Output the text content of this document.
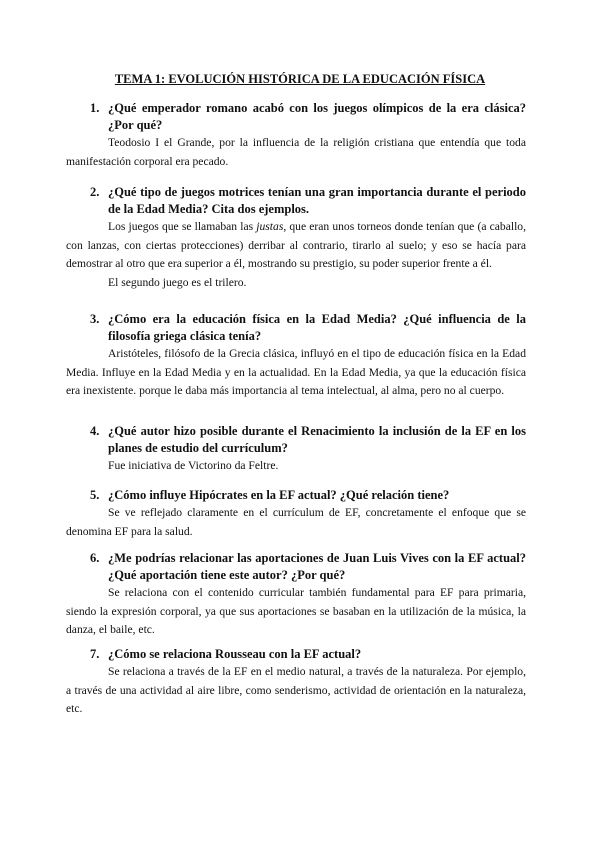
TEMA 1: EVOLUCIÓN HISTÓRICA DE LA EDUCACIÓN FÍSICA
1. ¿Qué emperador romano acabó con los juegos olímpicos de la era clásica? ¿Por qué?

Teodosio I el Grande, por la influencia de la religión cristiana que entendía que toda manifestación corporal era pecado.

2. ¿Qué tipo de juegos motrices tenían una gran importancia durante el periodo de la Edad Media? Cita dos ejemplos.

Los juegos que se llamaban las justas, que eran unos torneos donde tenían que (a caballo, con lanzas, con ciertas protecciones) derribar al contrario, tirarlo al suelo; y eso se hacía para demostrar al otro que era superior a él, mostrando su prestigio, su poder superior frente a él.

El segundo juego es el trilero.

3. ¿Cómo era la educación física en la Edad Media? ¿Qué influencia de la filosofía griega clásica tenía?

Aristóteles, filósofo de la Grecia clásica, influyó en el tipo de educación física en la Edad Media. Influye en la Edad Media y en la actualidad. En la Edad Media, ya que la educación física era inexistente. porque le daba más importancia al tema intelectual, al alma, pero no al cuerpo.

4. ¿Qué autor hizo posible durante el Renacimiento la inclusión de la EF en los planes de estudio del currículum?

Fue iniciativa de Victorino da Feltre.

5. ¿Cómo influye Hipócrates en la EF actual? ¿Qué relación tiene?

Se ve reflejado claramente en el currículum de EF, concretamente el enfoque que se denomina EF para la salud.

6. ¿Me podrías relacionar las aportaciones de Juan Luis Vives con la EF actual? ¿Qué aportación tiene este autor? ¿Por qué?

Se relaciona con el contenido curricular también fundamental para EF para primaria, siendo la expresión corporal, ya que sus aportaciones se basaban en la utilización de la música, la danza, el baile, etc.

7. ¿Cómo se relaciona Rousseau con la EF actual?

Se relaciona a través de la EF en el medio natural, a través de la naturaleza. Por ejemplo, a través de una actividad al aire libre, como senderismo, actividad de orientación en la naturaleza, etc.
